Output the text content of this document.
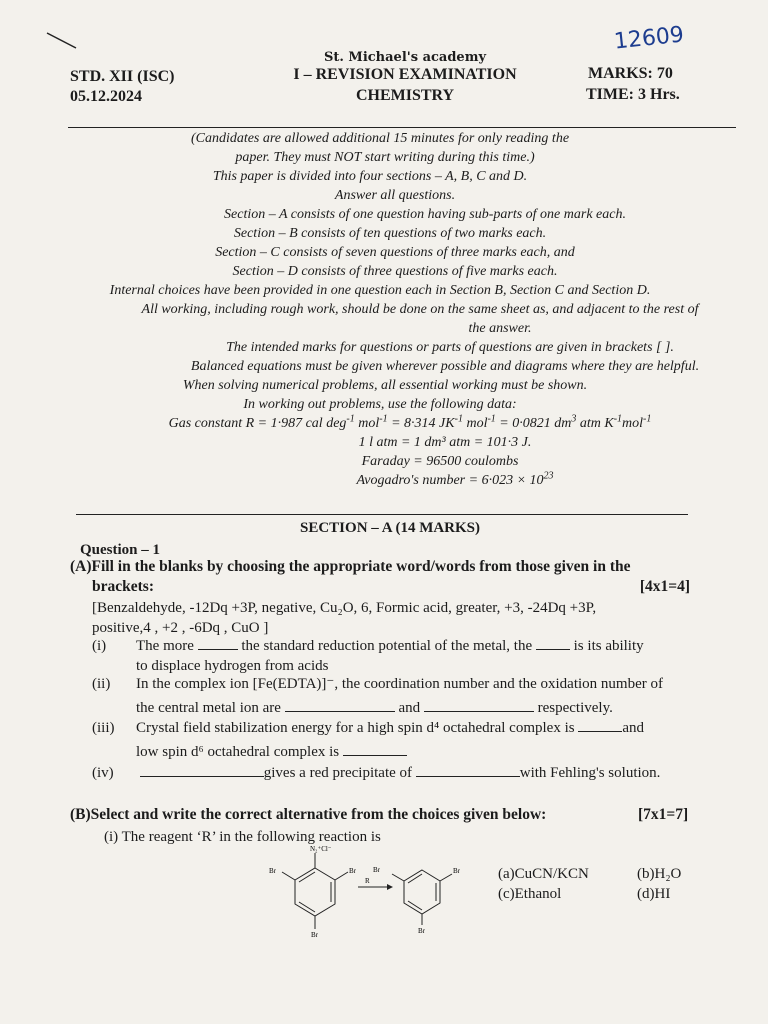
12609
St. Michael's academy
STD. XII (ISC)
05.12.2024
I – REVISION EXAMINATION
CHEMISTRY
MARKS: 70
TIME: 3 Hrs.
(Candidates are allowed additional 15 minutes for only reading the
paper. They must NOT start writing during this time.)
This paper is divided into four sections – A, B, C and D.
Answer all questions.
Section – A consists of one question having sub-parts of one mark each.
Section – B consists of ten questions of two marks each.
Section – C consists of seven questions of three marks each, and
Section – D consists of three questions of five marks each.
Internal choices have been provided in one question each in Section B, Section C and Section D.
All working, including rough work, should be done on the same sheet as, and adjacent to the rest of
the answer.
The intended marks for questions or parts of questions are given in brackets [ ].
Balanced equations must be given wherever possible and diagrams where they are helpful.
When solving numerical problems, all essential working must be shown.
In working out problems, use the following data:
Gas constant R = 1·987 cal deg$^{-1}$ mol$^{-1}$ = 8·314 $JK^{-1}$ mol$^{-1}$ = 0·0821 $dm^3$ atm $K^{-1}mol^{-1}$
1 l atm = 1 dm³ atm = 101·3 J.
Faraday = 96500 coulombs
Avogadro's number = $6\cdot 023 \times 10^{23}$
SECTION – A (14 MARKS)
Question – 1
(A)Fill in the blanks by choosing the appropriate word/words from those given in the
brackets:	[4x1=4]
[Benzaldehyde, -12Dq +3P, negative, Cu₂O, 6, Formic acid, greater, +3, -24Dq +3P,
positive,4 , +2 , -6Dq , CuO ]
(i) The more	the standard reduction potential of the metal, the	is its ability
to displace hydrogen from acids
(ii) In the complex ion [Fe(EDTA)]⁻, the coordination number and the oxidation number of
the central metal ion are	and	respectively.
(iii) Crystal field stabilization energy for a high spin d⁴ octahedral complex is	and
low spin d⁶ octahedral complex is
(iv)	gives a red precipitate of	with Fehling's solution.
(B)Select and write the correct alternative from the choices given below:	[7x1=7]
(i) The reagent ‘R’ in the following reaction is
N₂⁺Cl⁻
Br	Br
Br
R
Br	Br
Br
(a)CuCN/KCN	(b)H₂O
(c)Ethanol	(d)HI
